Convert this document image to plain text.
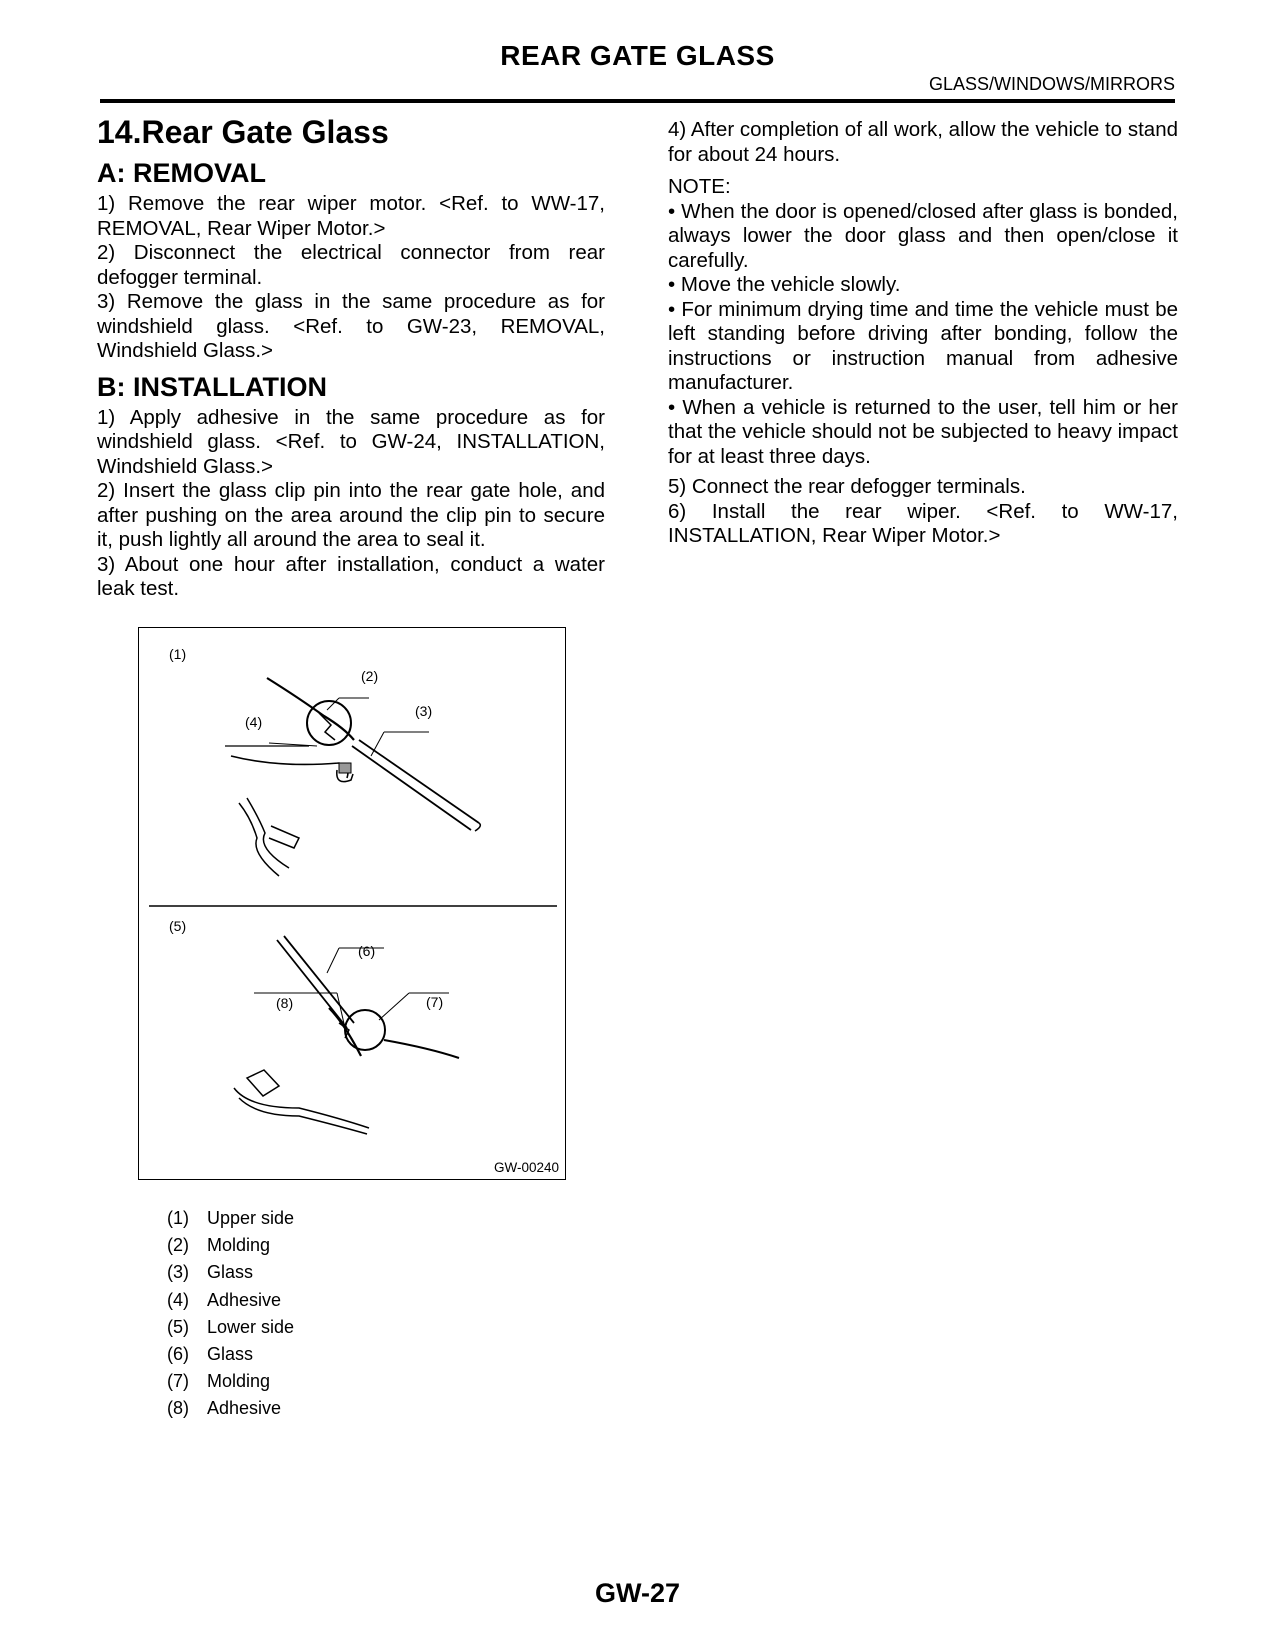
REAR GATE GLASS
GLASS/WINDOWS/MIRRORS
14.Rear Gate Glass
A: REMOVAL

1) Remove the rear wiper motor. <Ref. to WW-17, REMOVAL, Rear Wiper Motor.>

2) Disconnect the electrical connector from rear defogger terminal.

3) Remove the glass in the same procedure as for windshield glass. <Ref. to GW-23, REMOVAL, Windshield Glass.>

B: INSTALLATION

1) Apply adhesive in the same procedure as for windshield glass. <Ref. to GW-24, INSTALLATION, Windshield Glass.>

2) Insert the glass clip pin into the rear gate hole, and after pushing on the area around the clip pin to secure it, push lightly all around the area to seal it.

3) About one hour after installation, conduct a water leak test.

4) After completion of all work, allow the vehicle to stand for about 24 hours.

NOTE:

• When the door is opened/closed after glass is bonded, always lower the door glass and then open/close it carefully.

• Move the vehicle slowly.

• For minimum drying time and time the vehicle must be left standing before driving after bonding, follow the instructions or instruction manual from adhesive manufacturer.

• When a vehicle is returned to the user, tell him or her that the vehicle should not be subjected to heavy impact for at least three days.

5) Connect the rear defogger terminals.

6) Install the rear wiper. <Ref. to WW-17, INSTALLATION, Rear Wiper Motor.>

(1)
(2)
(3)
(4)
(5)
(6)
(7)
(8)
GW-00240
(1)	Upper side
(2)	Molding
(3)	Glass
(4)	Adhesive
(5)	Lower side
(6)	Glass
(7)	Molding
(8)	Adhesive
GW-27
